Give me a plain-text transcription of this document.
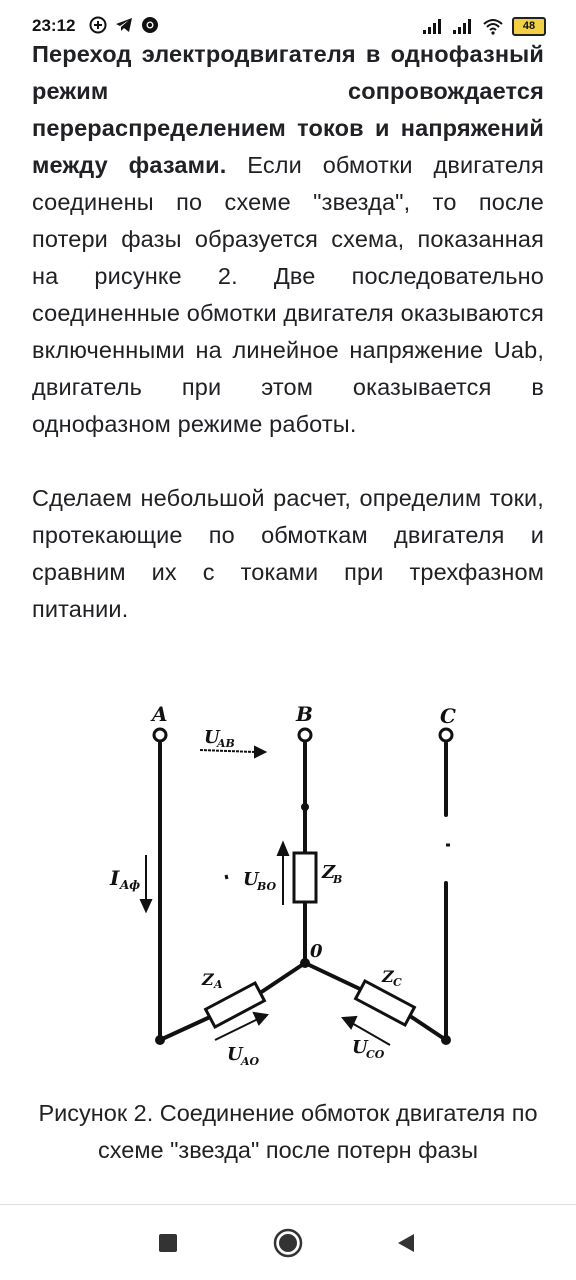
23:12	48

Переход электродвигателя в однофазный режим сопровождается перераспределением токов и напряжений между фазами. Если обмотки двигателя соединены по схеме "звезда", то после потери фазы образуется схема, показанная на рисунке 2. Две последовательно соединенные обмотки двигателя оказываются включенными на линейное напряжение Uab, двигатель при этом оказывается в однофазном режиме работы.

Сделаем небольшой расчет, определим токи, протекающие по обмоткам двигателя и сравним их с токами при трехфазном питании.

A	B	C
U
AB
I Aф	U
BO
Z
B
0
Z A	Z C
U
AO
U
CO
Рисунок 2. Соединение обмоток двигателя по схеме "звезда" после потерн фазы
